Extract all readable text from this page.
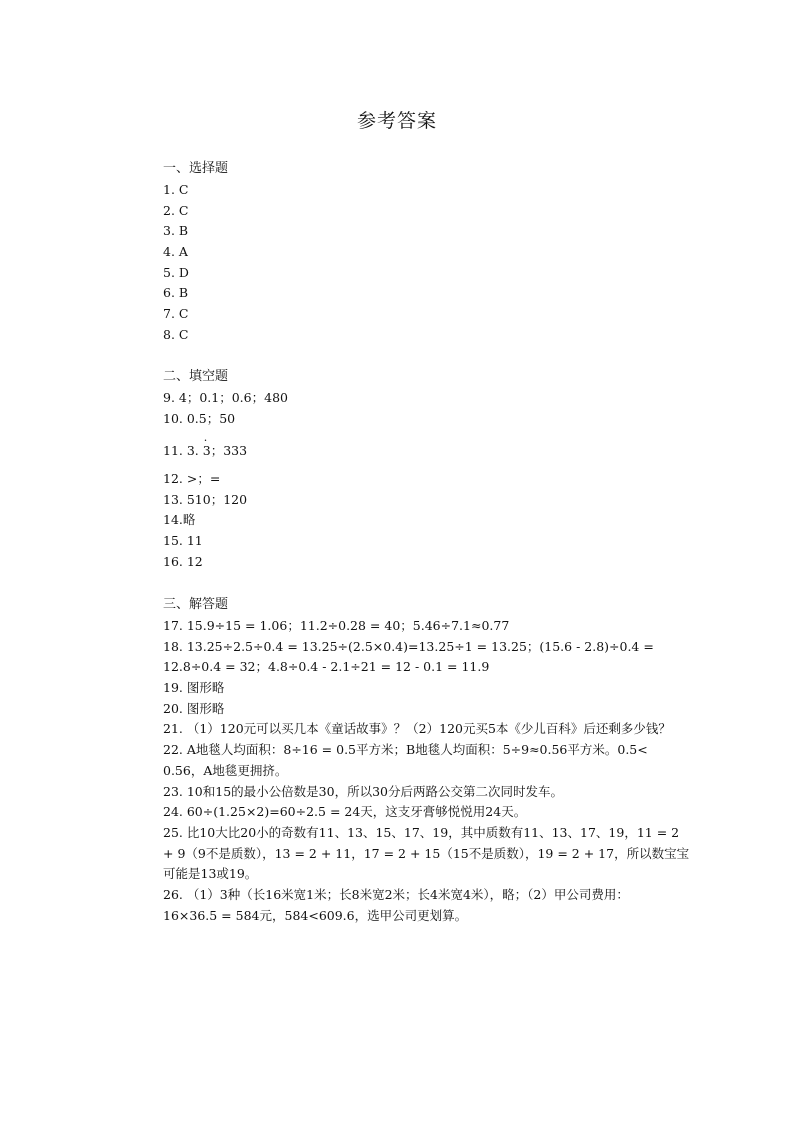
参考答案
一、选择题
1. C
2. C
3. B
4. A
5. D
6. B
7. C
8. C
二、填空题
9. 4；0.1；0.6；480
10. 0.5；50
11. 3. . 3；333
12. >；=
13. 510；120
14.略
15. 11
16. 12
三、解答题
17. 15.9÷15 = 1.06；11.2÷0.28 = 40；5.46÷7.1≈0.77
18. 13.25÷2.5÷0.4 = 13.25÷(2.5×0.4)=13.25÷1 = 13.25；(15.6 - 2.8)÷0.4 =
12.8÷0.4 = 32；4.8÷0.4 - 2.1÷21 = 12 - 0.1 = 11.9
19. 图形略
20. 图形略
21. （1）120元可以买几本《童话故事》？（2）120元买5本《少儿百科》后还剩多少钱？
22. A地毯人均面积：8÷16 = 0.5平方米；B地毯人均面积：5÷9≈0.56平方米。0.5<
0.56，A地毯更拥挤。
23. 10和15的最小公倍数是30，所以30分后两路公交第二次同时发车。
24. 60÷(1.25×2)=60÷2.5 = 24天，这支牙膏够悦悦用24天。
25. 比10大比20小的奇数有11、13、15、17、19，其中质数有11、13、17、19，11 = 2
+ 9（9不是质数），13 = 2 + 11，17 = 2 + 15（15不是质数），19 = 2 + 17，所以数宝宝
可能是13或19。
26. （1）3种（长16米宽1米；长8米宽2米；长4米宽4米），略；（2）甲公司费用：
16×36.5 = 584元，584<609.6，选甲公司更划算。
